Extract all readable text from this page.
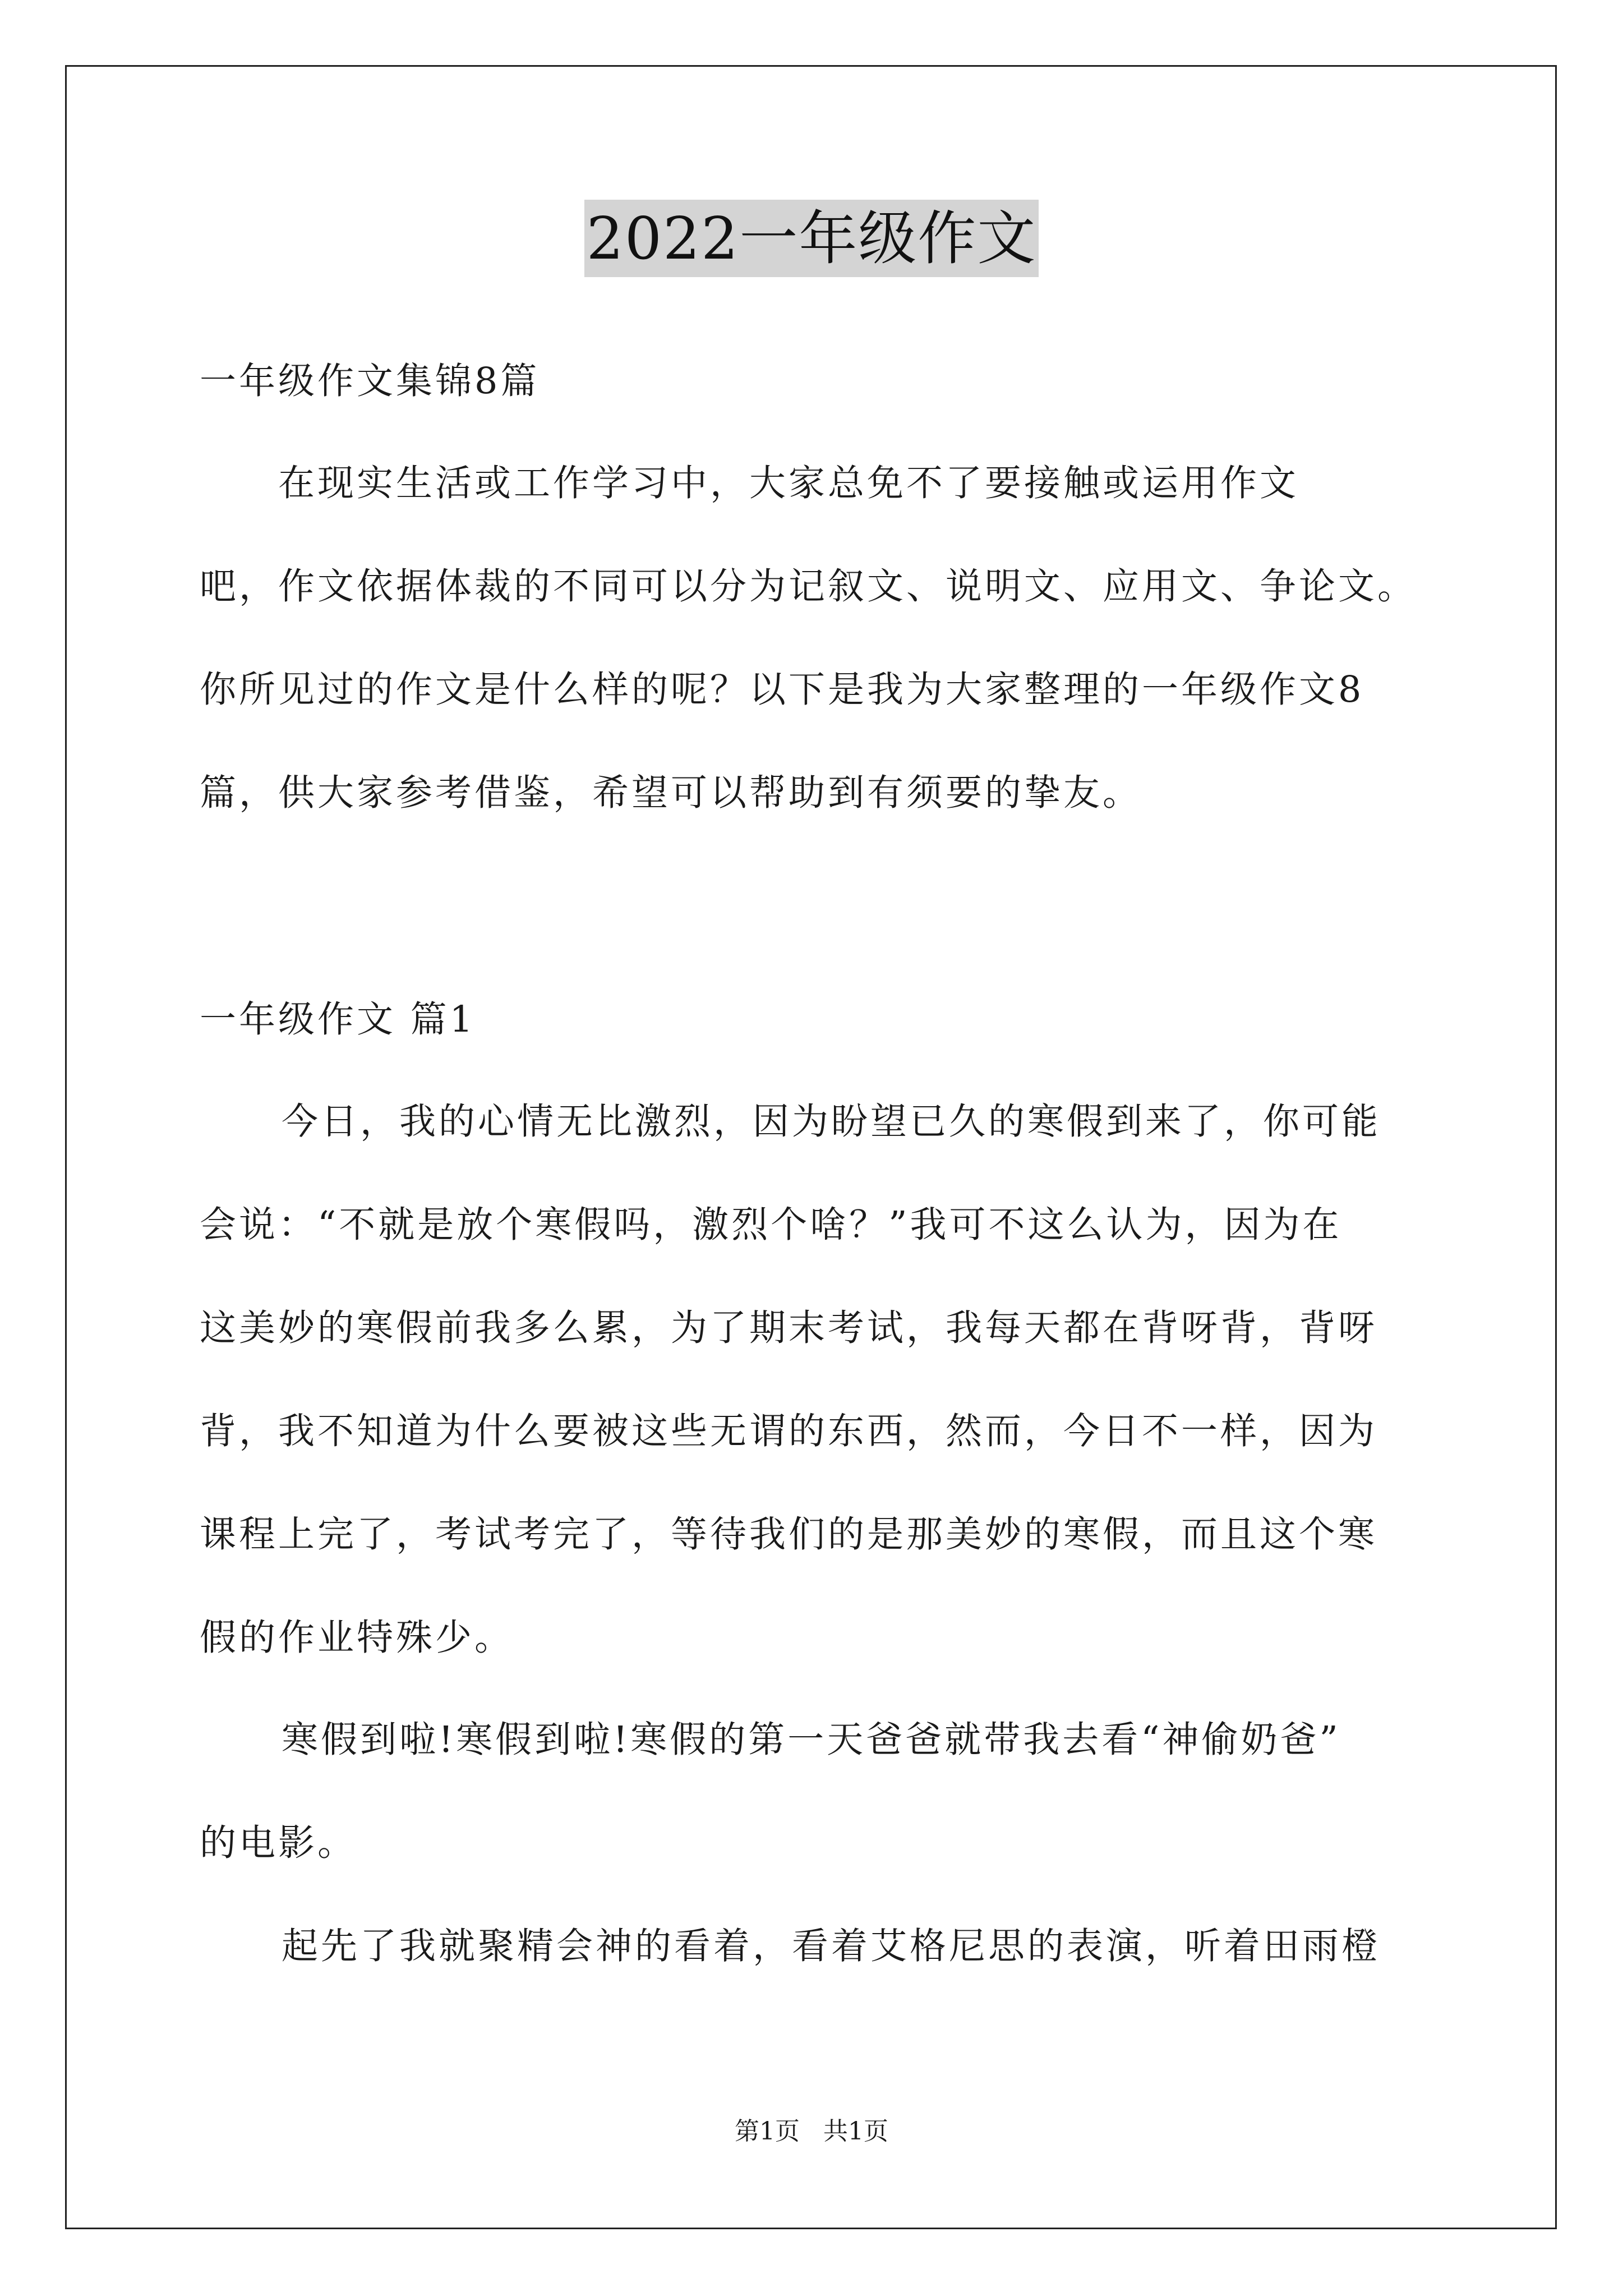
2022一年级作文
一年级作文集锦8篇
　　在现实生活或工作学习中，大家总免不了要接触或运用作文
吧，作文依据体裁的不同可以分为记叙文、说明文、应用文、争论文。
你所见过的作文是什么样的呢？以下是我为大家整理的一年级作文8
篇，供大家参考借鉴，希望可以帮助到有须要的挚友。
一年级作文 篇1
今日，我的心情无比激烈，因为盼望已久的寒假到来了，你可能
会说：“不就是放个寒假吗，激烈个啥？”我可不这么认为，因为在
这美妙的寒假前我多么累，为了期末考试，我每天都在背呀背，背呀
背，我不知道为什么要被这些无谓的东西，然而，今日不一样，因为
课程上完了，考试考完了，等待我们的是那美妙的寒假，而且这个寒
假的作业特殊少。
寒假到啦!寒假到啦!寒假的第一天爸爸就带我去看“神偷奶爸”
的电影。
起先了我就聚精会神的看着，看着艾格尼思的表演，听着田雨橙
第1页   共1页
